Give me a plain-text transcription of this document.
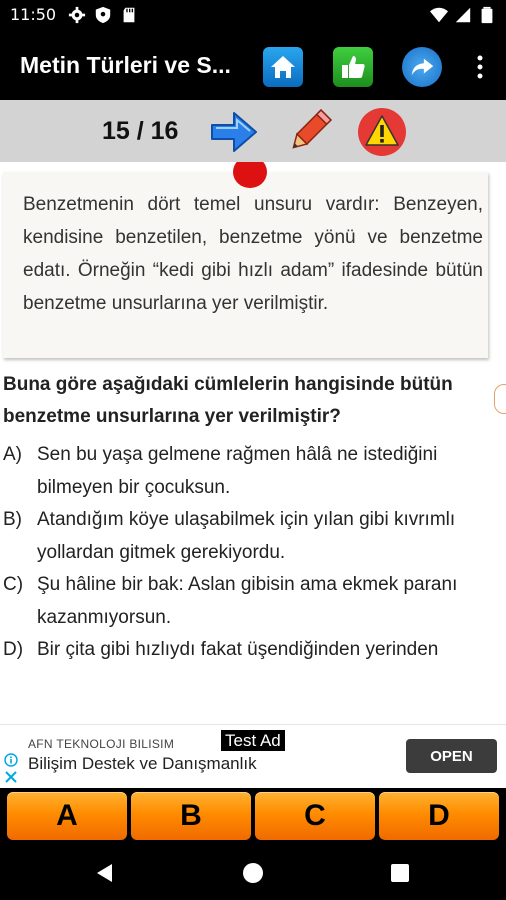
11:50
Metin Türleri ve S...
15 / 16

Benzetmenin dört temel unsuru vardır: Benzeyen, kendisine benzetilen, benzetme yönü ve benzetme edatı. Örneğin “kedi gibi hızlı adam” ifadesinde bütün benzetme unsurlarına yer verilmiştir.

Buna göre aşağıdaki cümlelerin hangisinde bütün benzetme unsurlarına yer verilmiştir?

A) Sen bu yaşa gelmene rağmen hâlâ ne istediğini bilmeyen bir çocuksun.
B) Atandığım köye ulaşabilmek için yılan gibi kıvrımlı yollardan gitmek gerekiyordu.
C) Şu hâline bir bak: Aslan gibisin ama ekmek paranı kazanmıyorsun.
D) Bir çita gibi hızlıydı fakat üşendiğinden yerinden
Test Ad
AFN TEKNOLOJI BILISIM
Bilişim Destek ve Danışmanlık	OPEN
A	B	C	D
